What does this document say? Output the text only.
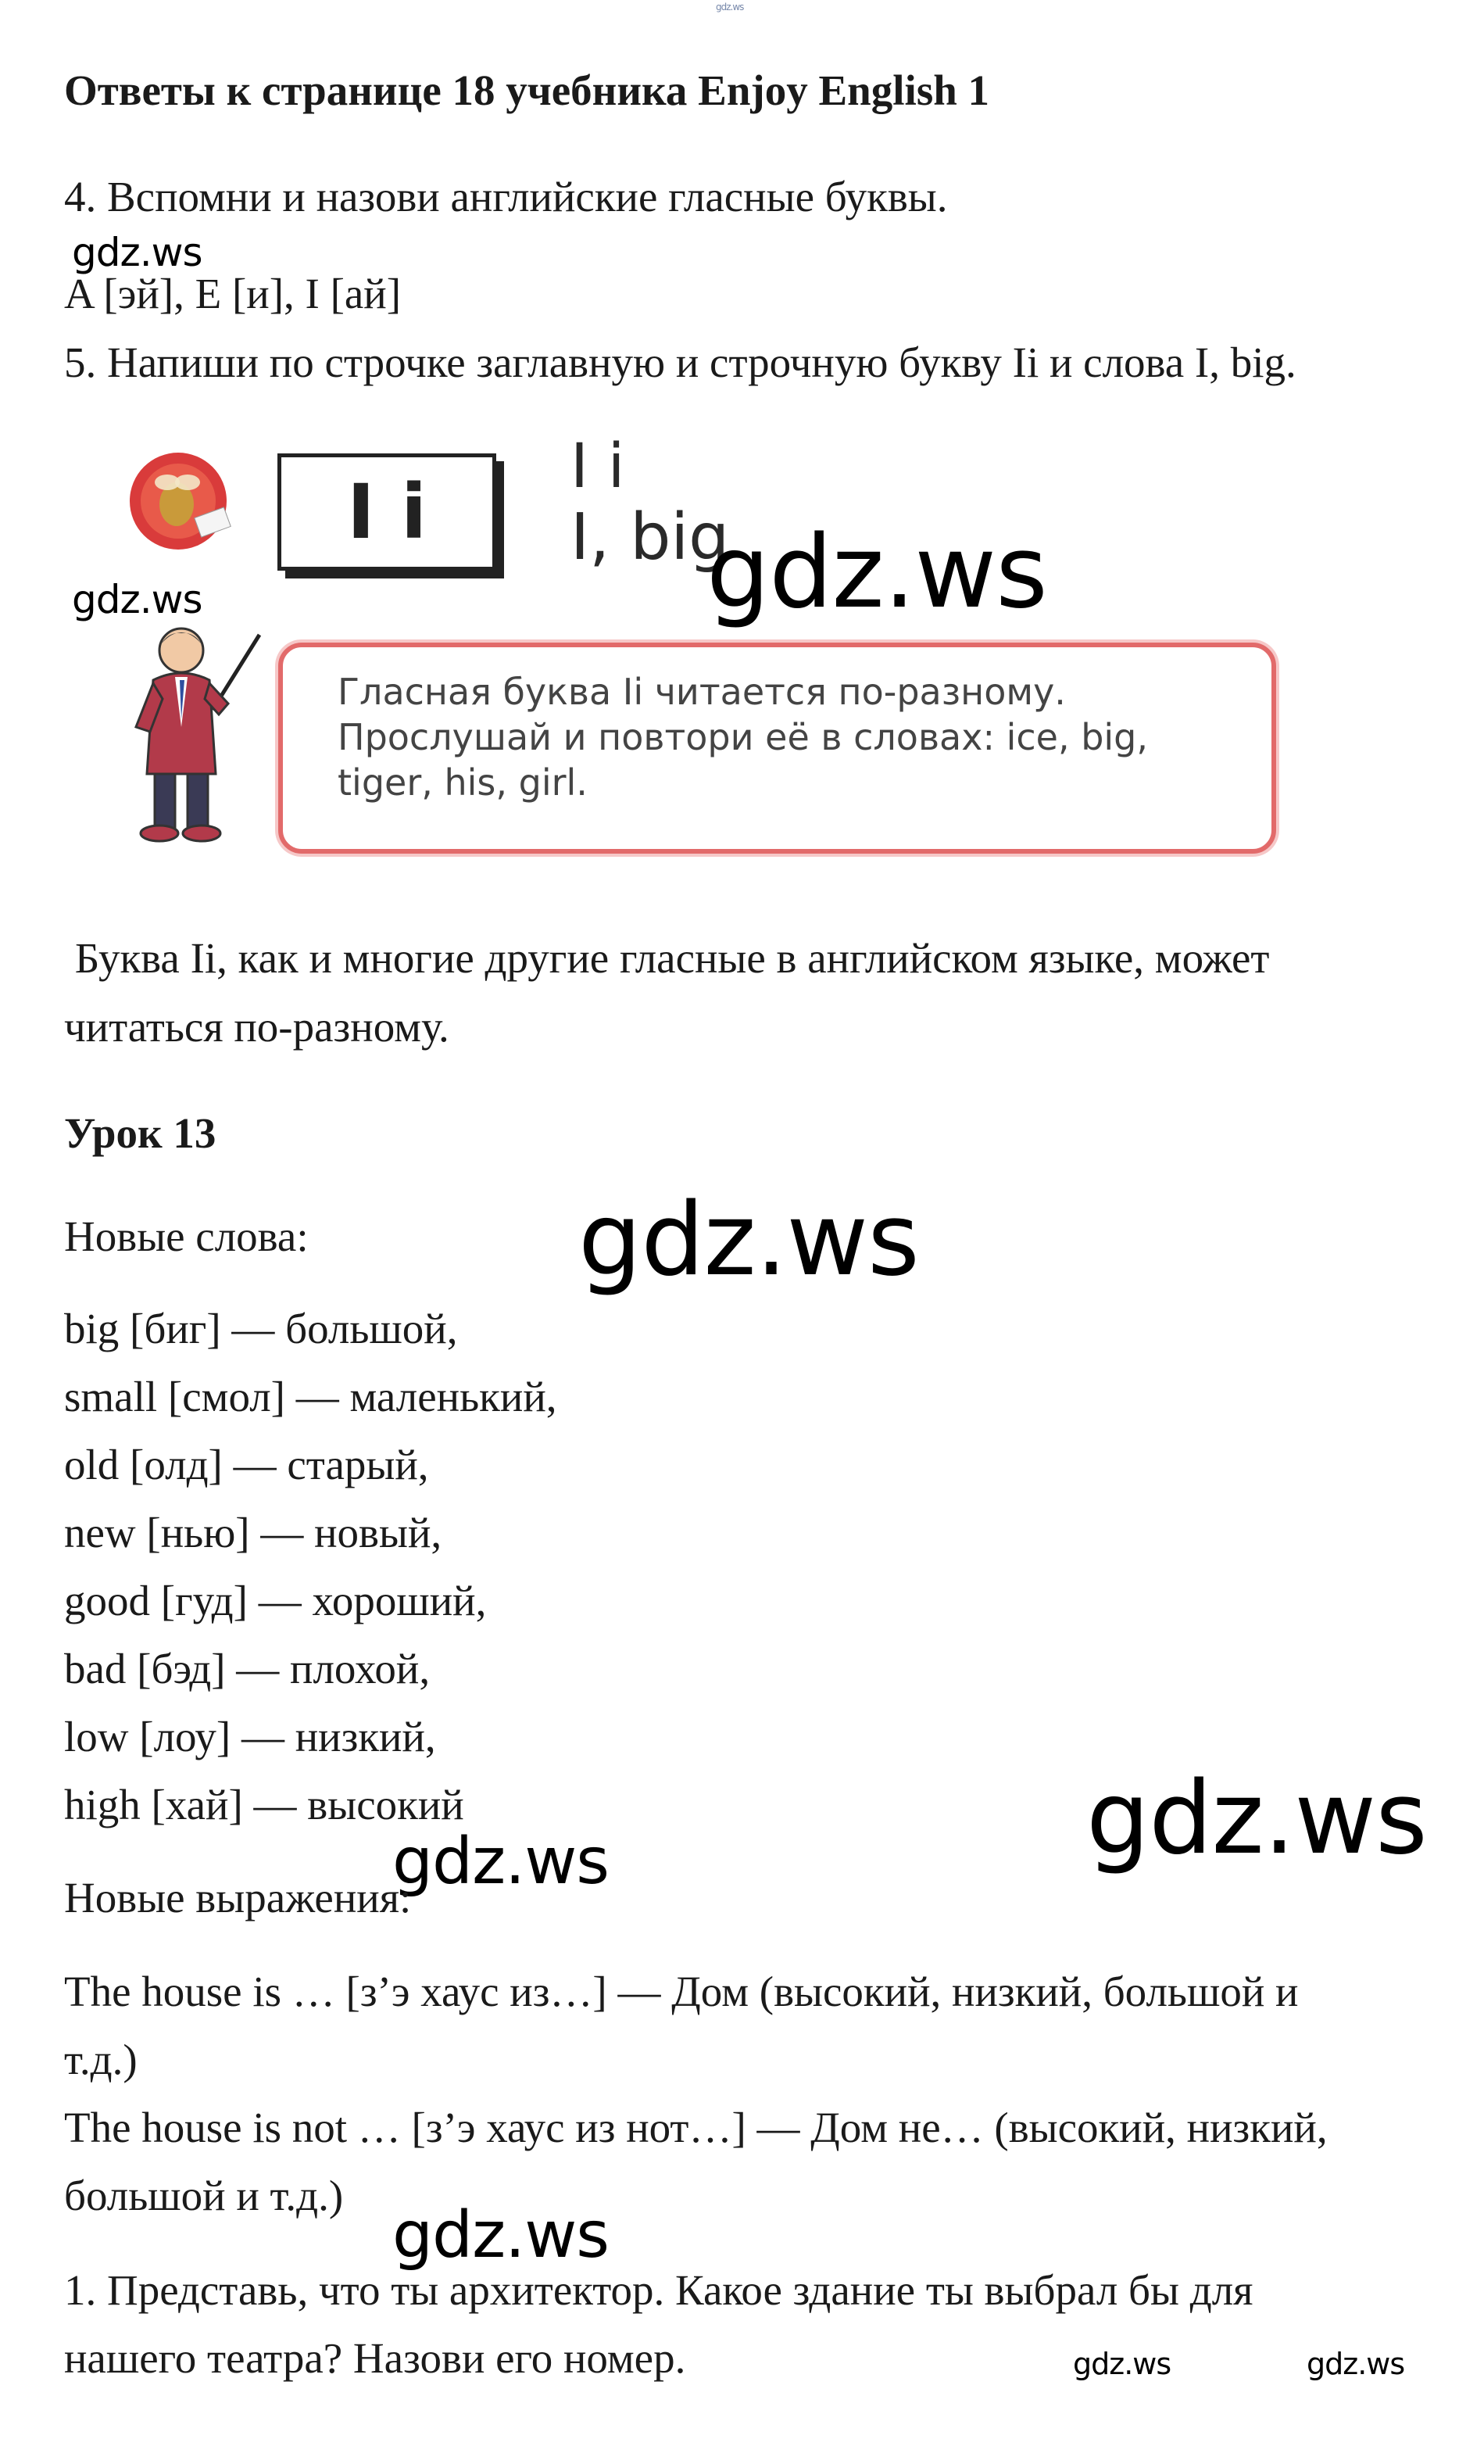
gdz.ws
Ответы к странице 18 учебника Enjoy English 1
4. Вспомни и назови английские гласные буквы.
gdz.ws
A [эй], E [и], I [ай]
5. Напиши по строчке заглавную и строчную букву Ii и слова I, big.
I i
I i
I, big
gdz.ws
gdz.ws
Гласная буква Ii читается по-разному.
Прослушай и повтори её в словах: ice, big,
tiger, his, girl.
Буква Ii, как и многие другие гласные в английском языке, может
читаться по-разному.
Урок 13
Новые слова:	gdz.ws
big [биг] — большой,
small [смол] — маленький,
old [олд] — старый,
new [нью] — новый,
good [гуд] — хороший,
bad [бэд] — плохой,
low [лоу] — низкий,
high [хай] — высокий	gdz.ws
gdz.ws
Новые выражения:
The house is … [з’э хаус из…] — Дом (высокий, низкий, большой и
т.д.)
The house is not … [з’э хаус из нот…] — Дом не… (высокий, низкий,
большой и т.д.)
gdz.ws
1. Представь, что ты архитектор. Какое здание ты выбрал бы для
нашего театра? Назови его номер.	gdz.ws	gdz.ws
